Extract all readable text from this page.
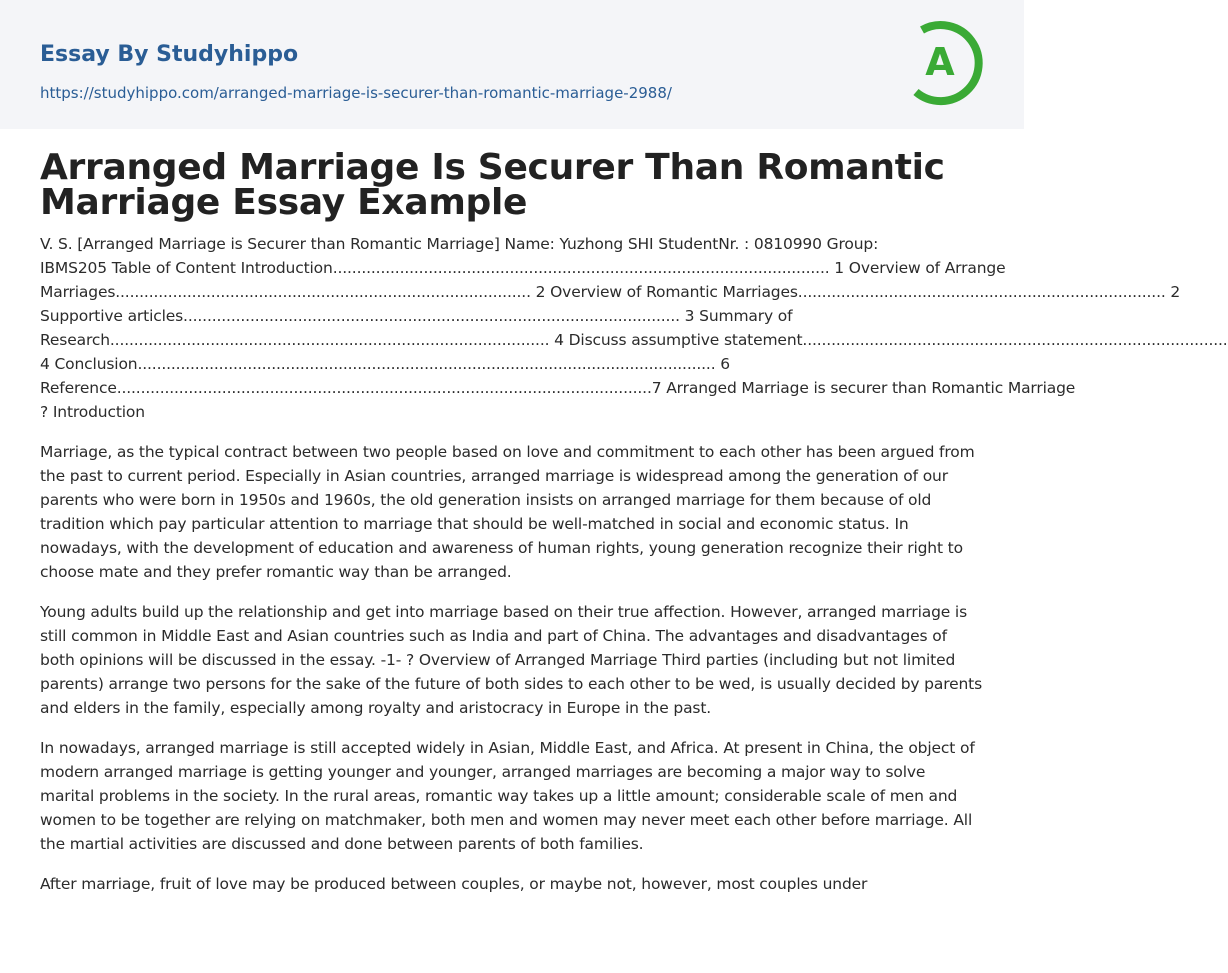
Essay By Studyhippo
https://studyhippo.com/arranged-marriage-is-securer-than-romantic-marriage-2988/
A
Arranged Marriage Is Securer Than Romantic Marriage Essay Example

V. S. [Arranged Marriage is Securer than Romantic Marriage] Name: Yuzhong SHI StudentNr. : 0810990 Group:
IBMS205 Table of Content Introduction........................................................................................................ 1 Overview of Arrange
Marriages....................................................................................... 2 Overview of Romantic Marriages............................................................................. 2
Supportive articles........................................................................................................ 3 Summary of
Research............................................................................................ 4 Discuss assumptive statement.........................................................................................
4 Conclusion......................................................................................................................... 6
Reference................................................................................................................7 Arranged Marriage is securer than Romantic Marriage
? Introduction

Marriage, as the typical contract between two people based on love and commitment to each other has been argued from the past to current period. Especially in Asian countries, arranged marriage is widespread among the generation of our parents who were born in 1950s and 1960s, the old generation insists on arranged marriage for them because of old tradition which pay particular attention to marriage that should be well-matched in social and economic status. In nowadays, with the development of education and awareness of human rights, young generation recognize their right to choose mate and they prefer romantic way than be arranged.

Young adults build up the relationship and get into marriage based on their true affection. However, arranged marriage is still common in Middle East and Asian countries such as India and part of China. The advantages and disadvantages of both opinions will be discussed in the essay. -1- ? Overview of Arranged Marriage Third parties (including but not limited parents) arrange two persons for the sake of the future of both sides to each other to be wed, is usually decided by parents and elders in the family, especially among royalty and aristocracy in Europe in the past.

In nowadays, arranged marriage is still accepted widely in Asian, Middle East, and Africa. At present in China, the object of modern arranged marriage is getting younger and younger, arranged marriages are becoming a major way to solve marital problems in the society. In the rural areas, romantic way takes up a little amount; considerable scale of men and women to be together are relying on matchmaker, both men and women may never meet each other before marriage. All the martial activities are discussed and done between parents of both families.

After marriage, fruit of love may be produced between couples, or maybe not, however, most couples under
